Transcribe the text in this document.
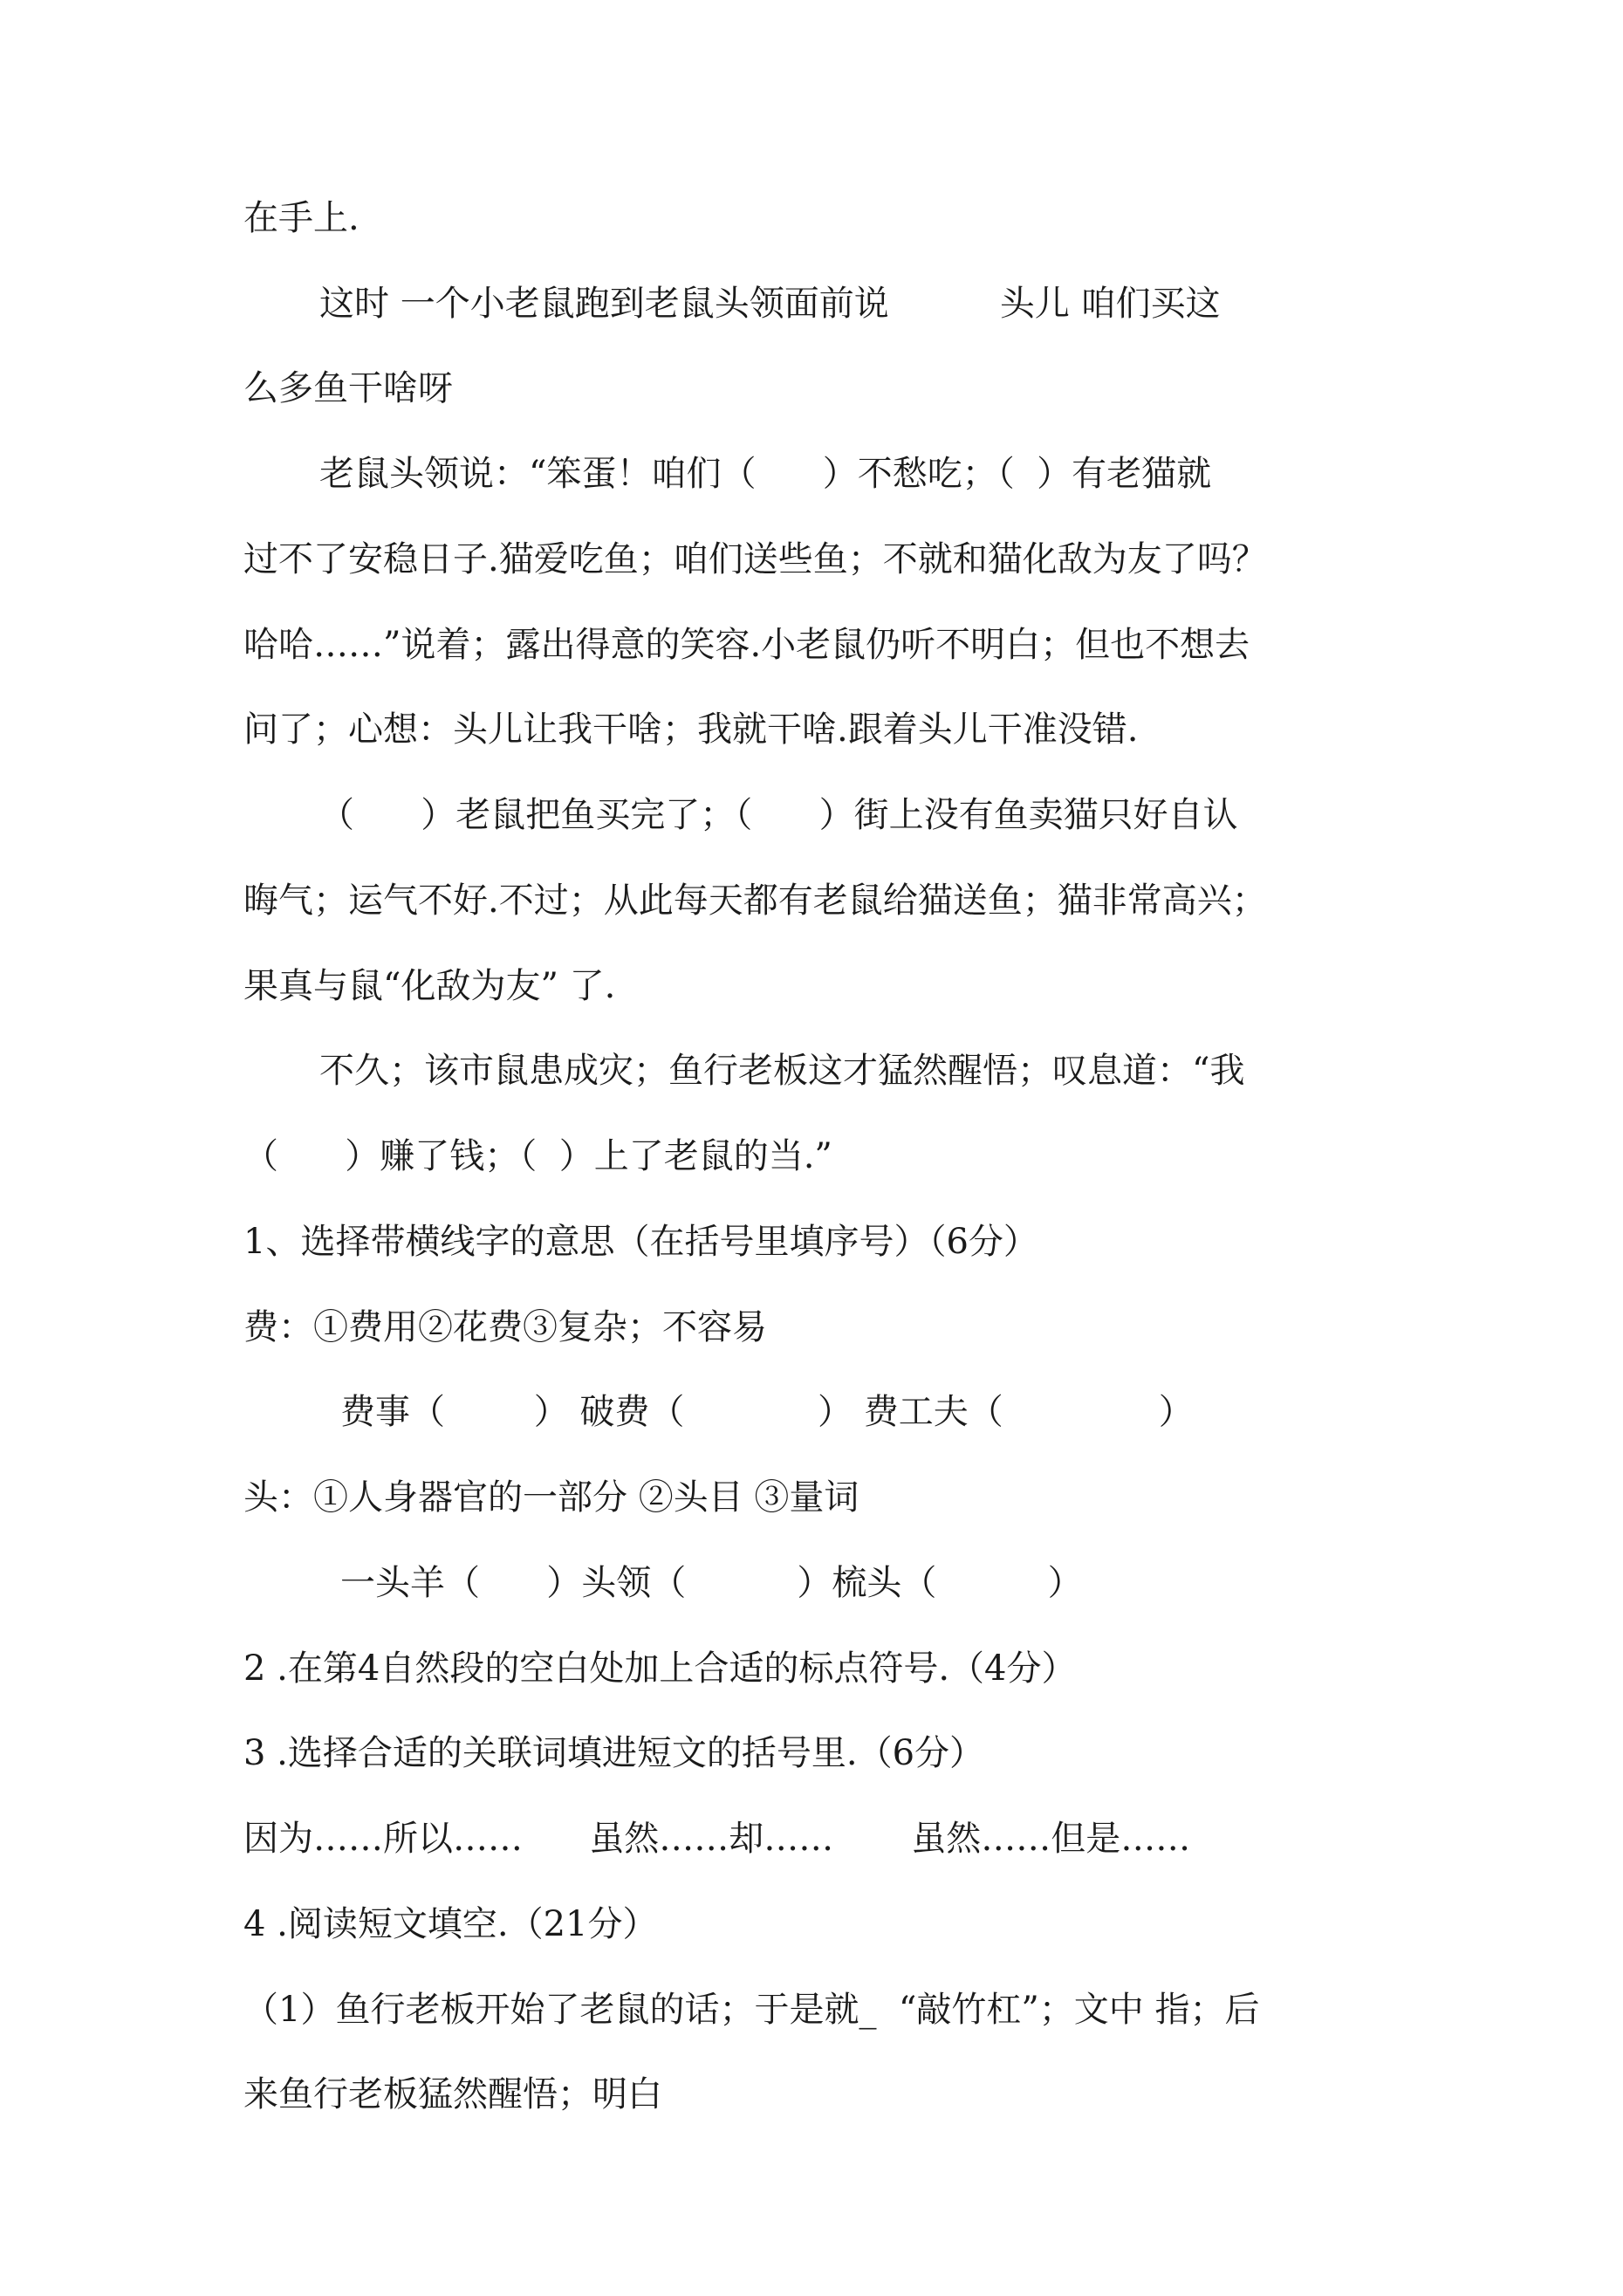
在手上.

这时 一个小老鼠跑到老鼠头领面前说          头儿 咱们买这

么多鱼干啥呀

老鼠头领说：“笨蛋！咱们（      ）不愁吃；（  ）有老猫就

过不了安稳日子.猫爱吃鱼；咱们送些鱼；不就和猫化敌为友了吗？

哈哈……”说着；露出得意的笑容.小老鼠仍听不明白；但也不想去

问了；心想：头儿让我干啥；我就干啥.跟着头儿干准没错.

（      ）老鼠把鱼买完了；（      ）街上没有鱼卖猫只好自认

晦气；运气不好.不过；从此每天都有老鼠给猫送鱼；猫非常高兴；

果真与鼠“化敌为友” 了.

不久；该市鼠患成灾；鱼行老板这才猛然醒悟；叹息道：“我

（      ）赚了钱；（  ）上了老鼠的当.”

1、选择带横线字的意思（在括号里填序号）（6分）

费：①费用②花费③复杂；不容易

费事（        ） 破费（            ） 费工夫（              ）

头：①人身器官的一部分 ②头目 ③量词

一头羊（      ）头领（          ）梳头（          ）

2 .在第4自然段的空白处加上合适的标点符号.（4分）

3 .选择合适的关联词填进短文的括号里.（6分）

因为……所以……      虽然……却……       虽然……但是……

4 .阅读短文填空.（21分）

（1）鱼行老板开始了老鼠的话；于是就_  “敲竹杠”；文中 指；后

来鱼行老板猛然醒悟；明白
